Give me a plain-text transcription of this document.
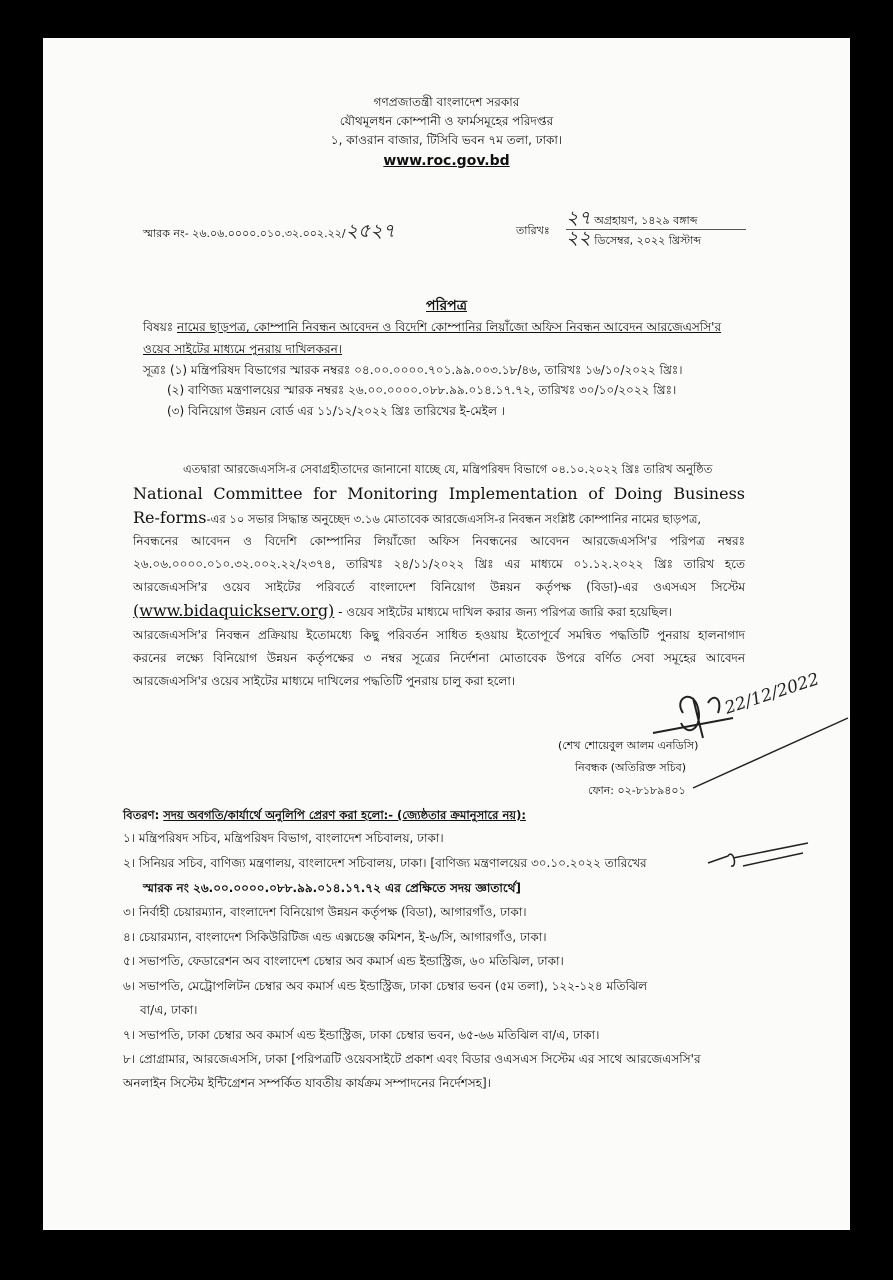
গণপ্রজাতন্ত্রী বাংলাদেশ সরকার
যৌথমূলধন কোম্পানী ও ফার্মসমূহের পরিদপ্তর
১, কাওরান বাজার, টিসিবি ভবন ৭ম তলা, ঢাকা।
www.roc.gov.bd
স্মারক নং- ২৬.০৬.০০০০.০১০.৩২.০০২.২২/২৫২৭	তারিখঃ
২৭ অগ্রহায়ণ, ১৪২৯ বঙ্গাব্দ
২২ ডিসেম্বর, ২০২২ খ্রিস্টাব্দ
পরিপত্র
বিষয়ঃ নামের ছাড়পত্র, কোম্পানি নিবন্ধন আবেদন ও বিদেশি কোম্পানির লিয়াঁজো অফিস নিবন্ধন আবেদন আরজেএসসি'র
ওয়েব সাইটের মাধ্যমে পুনরায় দাখিলকরন।
সূত্রঃ (১) মন্ত্রিপরিষদ বিভাগের স্মারক নম্বরঃ ০৪.০০.০০০০.৭০১.৯৯.০০৩.১৮/৪৬, তারিখঃ ১৬/১০/২০২২ খ্রিঃ।
(২) বাণিজ্য মন্ত্রণালয়ের স্মারক নম্বরঃ ২৬.০০.০০০০.০৮৮.৯৯.০১৪.১৭.৭২, তারিখঃ ৩০/১০/২০২২ খ্রিঃ।
(৩) বিনিয়োগ উন্নয়ন বোর্ড এর ১১/১২/২০২২ খ্রিঃ তারিখের ই-মেইল ।
এতদ্বারা আরজেএসসি-র সেবাগ্রহীতাদের জানানো যাচ্ছে যে, মন্ত্রিপরিষদ বিভাগে ০৪.১০.২০২২ খ্রিঃ তারিখ অনুষ্ঠিত
National Committee for Monitoring Implementation of Doing Business
Re-forms-এর ১০ সভার সিদ্ধান্ত অনুচ্ছেদ ৩.১৬ মোতাবেক আরজেএসসি-র নিবন্ধন সংশ্লিষ্ট কোম্পানির নামের ছাড়পত্র,
নিবন্ধনের আবেদন ও বিদেশি কোম্পানির লিয়াঁজো অফিস নিবন্ধনের আবেদন আরজেএসসি'র পরিপত্র নম্বরঃ
২৬.০৬.০০০০.০১০.৩২.০০২.২২/২৩৭৪, তারিখঃ ২৪/১১/২০২২ খ্রিঃ এর মাধ্যমে ০১.১২.২০২২ খ্রিঃ তারিখ হতে
আরজেএসসি'র ওয়েব সাইটের পরিবর্তে বাংলাদেশ বিনিয়োগ উন্নয়ন কর্তৃপক্ষ (বিডা)-এর ওএসএস সিস্টেম
(www.bidaquickserv.org) - ওয়েব সাইটের মাধ্যমে দাখিল করার জন্য পরিপত্র জারি করা হয়েছিল।
আরজেএসসি'র নিবন্ধন প্রক্রিয়ায় ইতোমধ্যে কিছু পরিবর্তন সাধিত হওয়ায় ইতোপূর্বে সমন্বিত পদ্ধতিটি পুনরায় হালনাগাদ
করনের লক্ষ্যে বিনিয়োগ উন্নয়ন কর্তৃপক্ষের ৩ নম্বর সূত্রের নির্দেশনা মোতাবেক উপরে বর্ণিত সেবা সমূহের আবেদন
আরজেএসসি'র ওয়েব সাইটের মাধ্যমে দাখিলের পদ্ধতিটি পুনরায় চালু করা হলো।	22/12/2022
(শেখ শোয়েবুল আলম এনডিসি)
নিবন্ধক (অতিরিক্ত সচিব)
ফোন: ০২-৮১৮৯৪০১
বিতরণ: সদয় অবগতি/কার্যার্থে অনুলিপি প্রেরণ করা হলো:- (জ্যেষ্ঠতার ক্রমানুসারে নয়):
১। মন্ত্রিপরিষদ সচিব, মন্ত্রিপরিষদ বিভাগ, বাংলাদেশ সচিবালয়, ঢাকা।
২। সিনিয়র সচিব, বাণিজ্য মন্ত্রণালয়, বাংলাদেশ সচিবালয়, ঢাকা। [বাণিজ্য মন্ত্রণালয়ের ৩০.১০.২০২২ তারিখের
স্মারক নং ২৬.০০.০০০০.০৮৮.৯৯.০১৪.১৭.৭২ এর প্রেক্ষিতে সদয় জ্ঞাতার্থে]
৩। নির্বাহী চেয়ারম্যান, বাংলাদেশ বিনিয়োগ উন্নয়ন কর্তৃপক্ষ (বিডা), আগারগাঁও, ঢাকা।
৪। চেয়ারম্যান, বাংলাদেশ সিকিউরিটিজ এন্ড এক্সচেঞ্জ কমিশন, ই-৬/সি, আগারগাঁও, ঢাকা।
৫। সভাপতি, ফেডারেশন অব বাংলাদেশ চেম্বার অব কমার্স এন্ড ইন্ডাস্ট্রিজ, ৬০ মতিঝিল, ঢাকা।
৬। সভাপতি, মেট্রোপলিটন চেম্বার অব কমার্স এন্ড ইন্ডাস্ট্রিজ, ঢাকা চেম্বার ভবন (৫ম তলা), ১২২-১২৪ মতিঝিল
বা/এ, ঢাকা।
৭। সভাপতি, ঢাকা চেম্বার অব কমার্স এন্ড ইন্ডাস্ট্রিজ, ঢাকা চেম্বার ভবন, ৬৫-৬৬ মতিঝিল বা/এ, ঢাকা।
৮। প্রোগ্রামার, আরজেএসসি, ঢাকা [পরিপত্রটি ওয়েবসাইটে প্রকাশ এবং বিডার ওএসএস সিস্টেম এর সাথে আরজেএসসি'র
অনলাইন সিস্টেম ইন্টিগ্রেশন সম্পর্কিত যাবতীয় কার্যক্রম সম্পাদনের নির্দেশসহ]।
